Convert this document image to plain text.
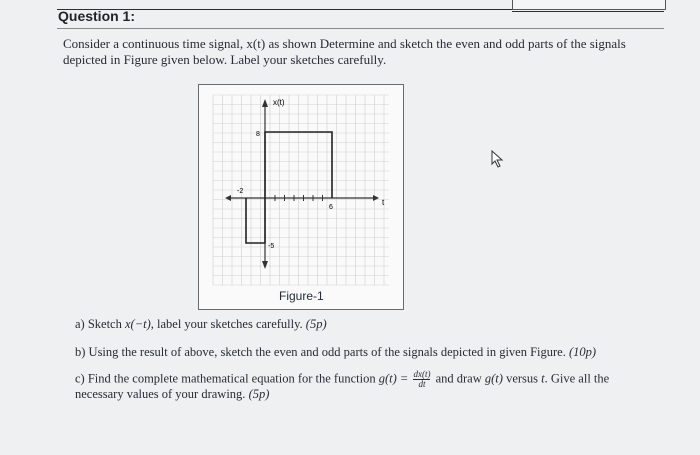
Question 1:
Consider a continuous time signal, x(t) as shown Determine and sketch the even and odd parts of the signals depicted in Figure given below. Label your sketches carefully.
x(t)
t
-2
6
8
-5
Figure-1
a) Sketch x(−t), label your sketches carefully. (5p)
b) Using the result of above, sketch the even and odd parts of the signals depicted in given Figure. (10p)
c) Find the complete mathematical equation for the function $g(t) = \frac{dx(t)}{dt}$ and draw g(t) versus t. Give all the
necessary values of your drawing. (5p)
